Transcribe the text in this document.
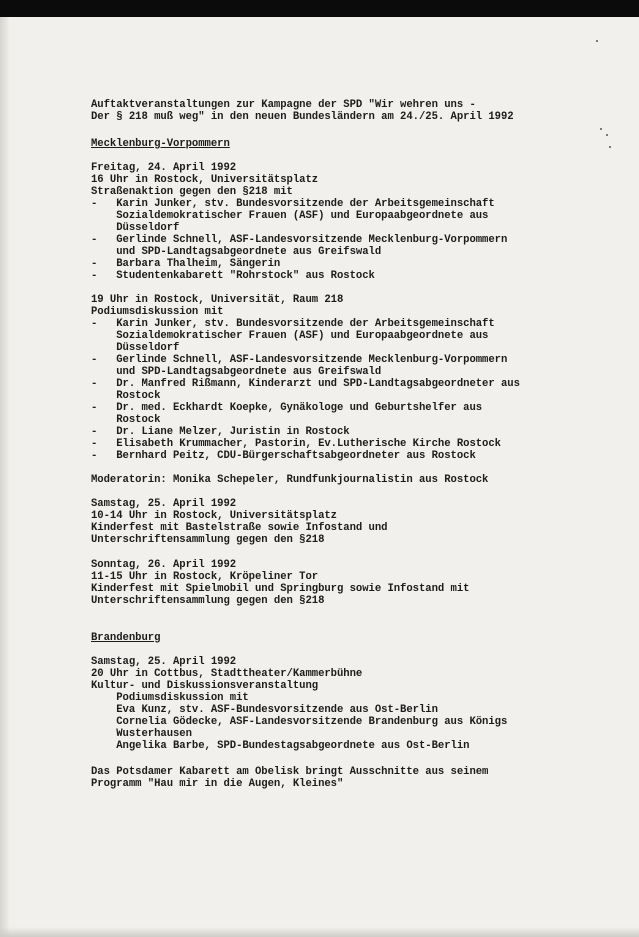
Auftaktveranstaltungen zur Kampagne der SPD "Wir wehren uns -
Der § 218 muß weg" in den neuen Bundesländern am 24./25. April 1992
Mecklenburg-Vorpommern
Freitag, 24. April 1992
16 Uhr in Rostock, Universitätsplatz
Straßenaktion gegen den §218 mit
-   Karin Junker, stv. Bundesvorsitzende der Arbeitsgemeinschaft
Sozialdemokratischer Frauen (ASF) und Europaabgeordnete aus
Düsseldorf
-   Gerlinde Schnell, ASF-Landesvorsitzende Mecklenburg-Vorpommern
und SPD-Landtagsabgeordnete aus Greifswald
-   Barbara Thalheim, Sängerin
-   Studentenkabarett "Rohrstock" aus Rostock
19 Uhr in Rostock, Universität, Raum 218
Podiumsdiskussion mit
-   Karin Junker, stv. Bundesvorsitzende der Arbeitsgemeinschaft
Sozialdemokratischer Frauen (ASF) und Europaabgeordnete aus
Düsseldorf
-   Gerlinde Schnell, ASF-Landesvorsitzende Mecklenburg-Vorpommern
und SPD-Landtagsabgeordnete aus Greifswald
-   Dr. Manfred Rißmann, Kinderarzt und SPD-Landtagsabgeordneter aus
Rostock
-   Dr. med. Eckhardt Koepke, Gynäkologe und Geburtshelfer aus
Rostock
-   Dr. Liane Melzer, Juristin in Rostock
-   Elisabeth Krummacher, Pastorin, Ev.Lutherische Kirche Rostock
-   Bernhard Peitz, CDU-Bürgerschaftsabgeordneter aus Rostock
Moderatorin: Monika Schepeler, Rundfunkjournalistin aus Rostock
Samstag, 25. April 1992
10-14 Uhr in Rostock, Universitätsplatz
Kinderfest mit Bastelstraße sowie Infostand und
Unterschriftensammlung gegen den §218
Sonntag, 26. April 1992
11-15 Uhr in Rostock, Kröpeliner Tor
Kinderfest mit Spielmobil und Springburg sowie Infostand mit
Unterschriftensammlung gegen den §218
Brandenburg
Samstag, 25. April 1992
20 Uhr in Cottbus, Stadttheater/Kammerbühne
Kultur- und Diskussionsveranstaltung
Podiumsdiskussion mit
Eva Kunz, stv. ASF-Bundesvorsitzende aus Ost-Berlin
Cornelia Gödecke, ASF-Landesvorsitzende Brandenburg aus Königs
Wusterhausen
Angelika Barbe, SPD-Bundestagsabgeordnete aus Ost-Berlin
Das Potsdamer Kabarett am Obelisk bringt Ausschnitte aus seinem
Programm "Hau mir in die Augen, Kleines"
